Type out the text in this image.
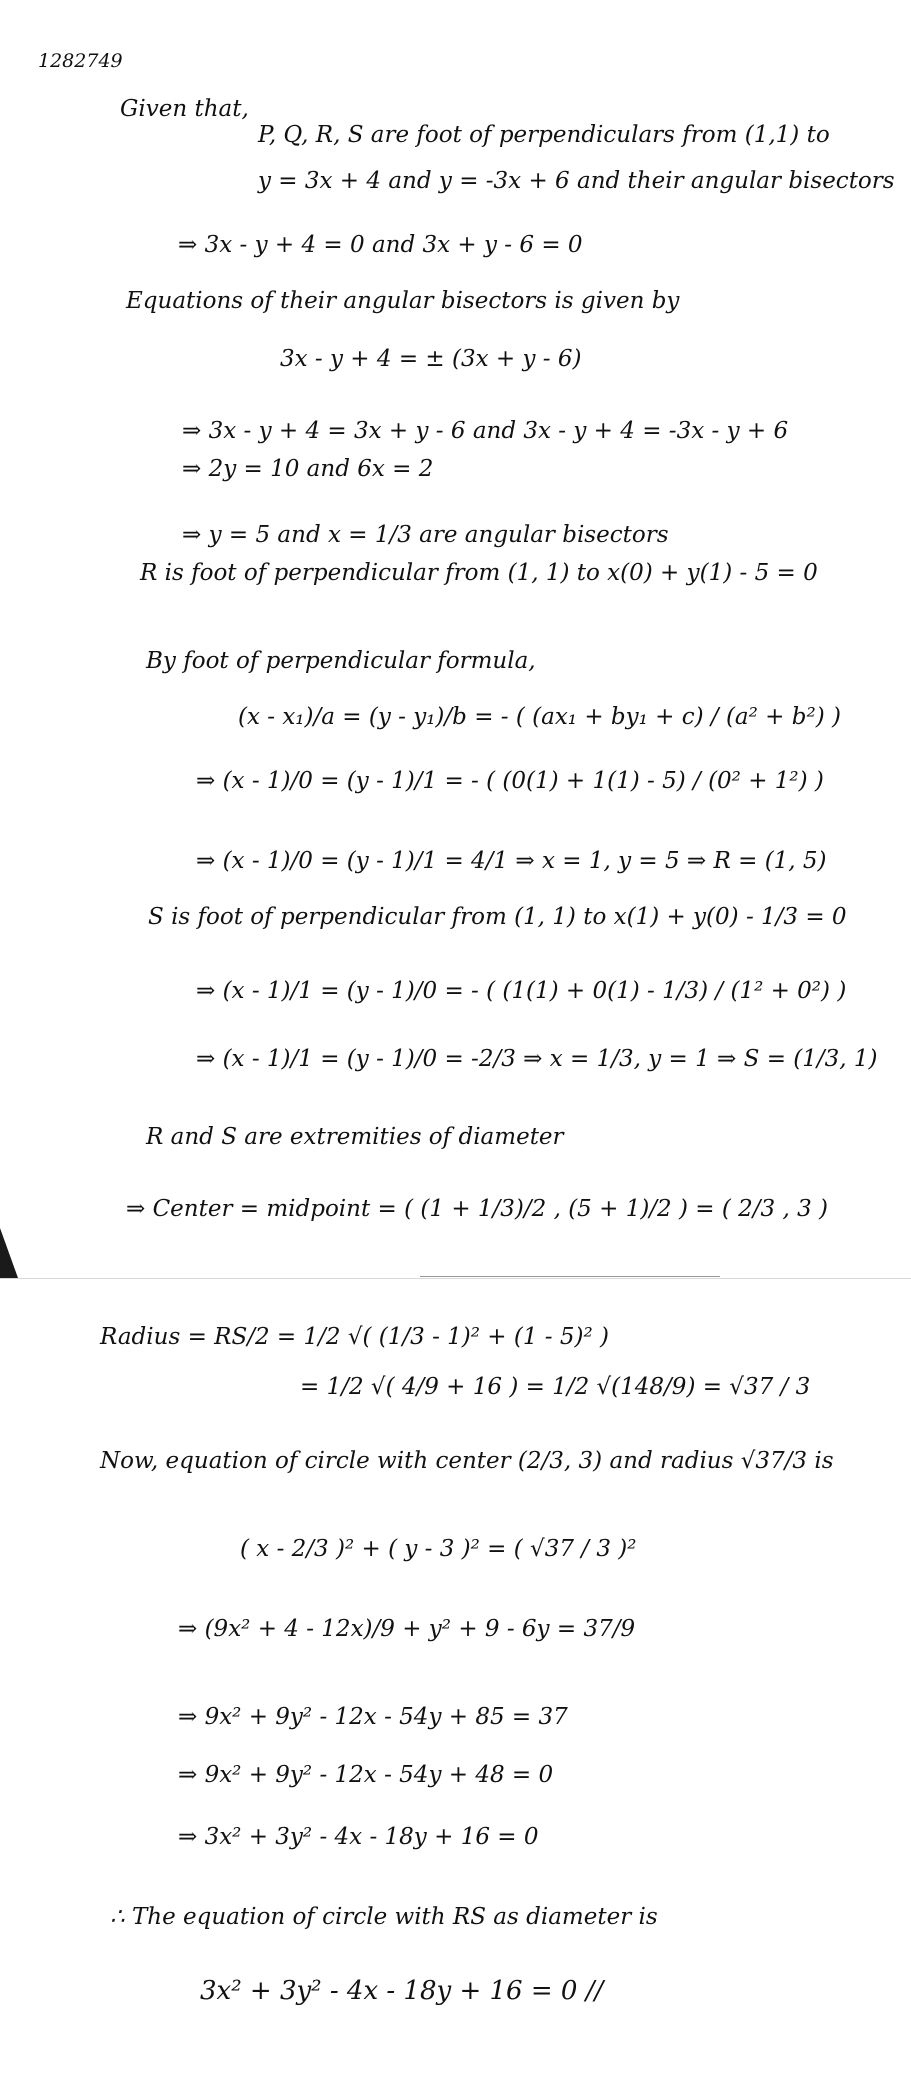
1282749
Given that,
P, Q, R, S are foot of perpendiculars from (1,1) to
y = 3x + 4 and y = -3x + 6 and their angular bisectors
⇒ 3x - y + 4 = 0 and 3x + y - 6 = 0
Equations of their angular bisectors is given by
3x - y + 4 = ± (3x + y - 6)
⇒ 3x - y + 4 = 3x + y - 6 and 3x - y + 4 = -3x - y + 6
⇒ 2y = 10 and 6x = 2
⇒ y = 5 and x = 1/3 are angular bisectors
R is foot of perpendicular from (1, 1) to x(0) + y(1) - 5 = 0
By foot of perpendicular formula,
(x - x₁)/a = (y - y₁)/b = - ( (ax₁ + by₁ + c) / (a² + b²) )
⇒ (x - 1)/0 = (y - 1)/1 = - ( (0(1) + 1(1) - 5) / (0² + 1²) )
⇒ (x - 1)/0 = (y - 1)/1 = 4/1 ⇒ x = 1, y = 5 ⇒ R = (1, 5)
S is foot of perpendicular from (1, 1) to x(1) + y(0) - 1/3 = 0
⇒ (x - 1)/1 = (y - 1)/0 = - ( (1(1) + 0(1) - 1/3) / (1² + 0²) )
⇒ (x - 1)/1 = (y - 1)/0 = -2/3 ⇒ x = 1/3, y = 1 ⇒ S = (1/3, 1)
R and S are extremities of diameter
⇒ Center = midpoint = ( (1 + 1/3)/2 , (5 + 1)/2 ) = ( 2/3 , 3 )
Radius = RS/2 = 1/2 √( (1/3 - 1)² + (1 - 5)² )
= 1/2 √( 4/9 + 16 ) = 1/2 √(148/9) = √37 / 3
Now, equation of circle with center (2/3, 3) and radius √37/3 is
( x - 2/3 )² + ( y - 3 )² = ( √37 / 3 )²
⇒ (9x² + 4 - 12x)/9 + y² + 9 - 6y = 37/9
⇒ 9x² + 9y² - 12x - 54y + 85 = 37
⇒ 9x² + 9y² - 12x - 54y + 48 = 0
⇒ 3x² + 3y² - 4x - 18y + 16 = 0
∴ The equation of circle with RS as diameter is
3x² + 3y² - 4x - 18y + 16 = 0 //
